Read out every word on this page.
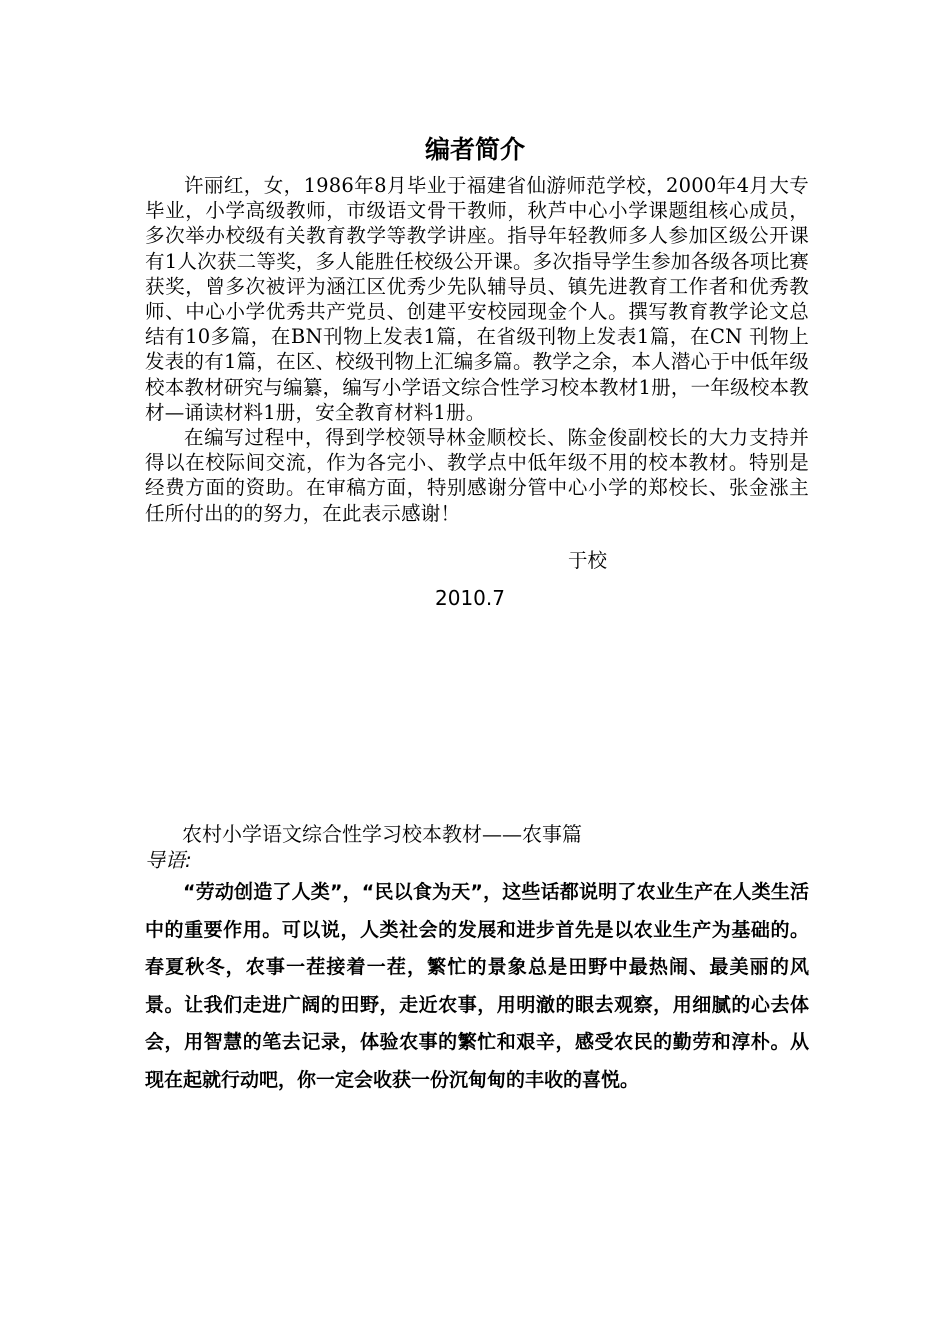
编者简介

许丽红，女，1986年8月毕业于福建省仙游师范学校，2000年4月大专毕业，小学高级教师，市级语文骨干教师，秋芦中心小学课题组核心成员，多次举办校级有关教育教学等教学讲座。指导年轻教师多人参加区级公开课有1人次获二等奖，多人能胜任校级公开课。多次指导学生参加各级各项比赛获奖，曾多次被评为涵江区优秀少先队辅导员、镇先进教育工作者和优秀教师、中心小学优秀共产党员、创建平安校园现金个人。撰写教育教学论文总结有10多篇，在BN刊物上发表1篇，在省级刊物上发表1篇，在CN 刊物上发表的有1篇，在区、校级刊物上汇编多篇。教学之余，本人潜心于中低年级校本教材研究与编纂，编写小学语文综合性学习校本教材1册，一年级校本教材—诵读材料1册，安全教育材料1册。

在编写过程中，得到学校领导林金顺校长、陈金俊副校长的大力支持并得以在校际间交流，作为各完小、教学点中低年级不用的校本教材。特别是经费方面的资助。在审稿方面，特别感谢分管中心小学的郑校长、张金涨主任所付出的的努力，在此表示感谢！

于校
2010.7
农村小学语文综合性学习校本教材——农事篇
导语:

“劳动创造了人类”，“民以食为天”，这些话都说明了农业生产在人类生活中的重要作用。可以说，人类社会的发展和进步首先是以农业生产为基础的。春夏秋冬，农事一茬接着一茬，繁忙的景象总是田野中最热闹、最美丽的风景。让我们走进广阔的田野，走近农事，用明澈的眼去观察，用细腻的心去体会，用智慧的笔去记录，体验农事的繁忙和艰辛，感受农民的勤劳和淳朴。从现在起就行动吧，你一定会收获一份沉甸甸的丰收的喜悦。
